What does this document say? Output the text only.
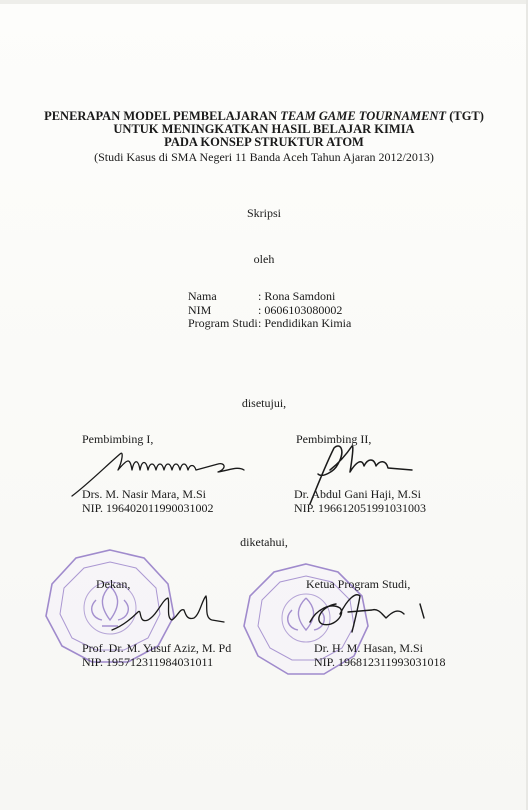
PENERAPAN MODEL PEMBELAJARAN TEAM GAME TOURNAMENT (TGT)
UNTUK MENINGKATKAN HASIL BELAJAR KIMIA
PADA KONSEP STRUKTUR ATOM
(Studi Kasus di SMA Negeri 11 Banda Aceh Tahun Ajaran 2012/2013)
Skripsi
oleh
Nama	: Rona Samdoni
NIM	: 0606103080002
Program Studi : Pendidikan Kimia
disetujui,
Pembimbing I,	Pembimbing II,
Drs. M. Nasir Mara, M.Si
NIP. 196402011990031002
Dr. Abdul Gani Haji, M.Si
NIP. 196612051991031003
diketahui,
Dekan,	Ketua Program Studi,
Prof. Dr. M. Yusuf Aziz, M. Pd
NIP. 195712311984031011
Dr. H. M. Hasan, M.Si
NIP. 196812311993031018
